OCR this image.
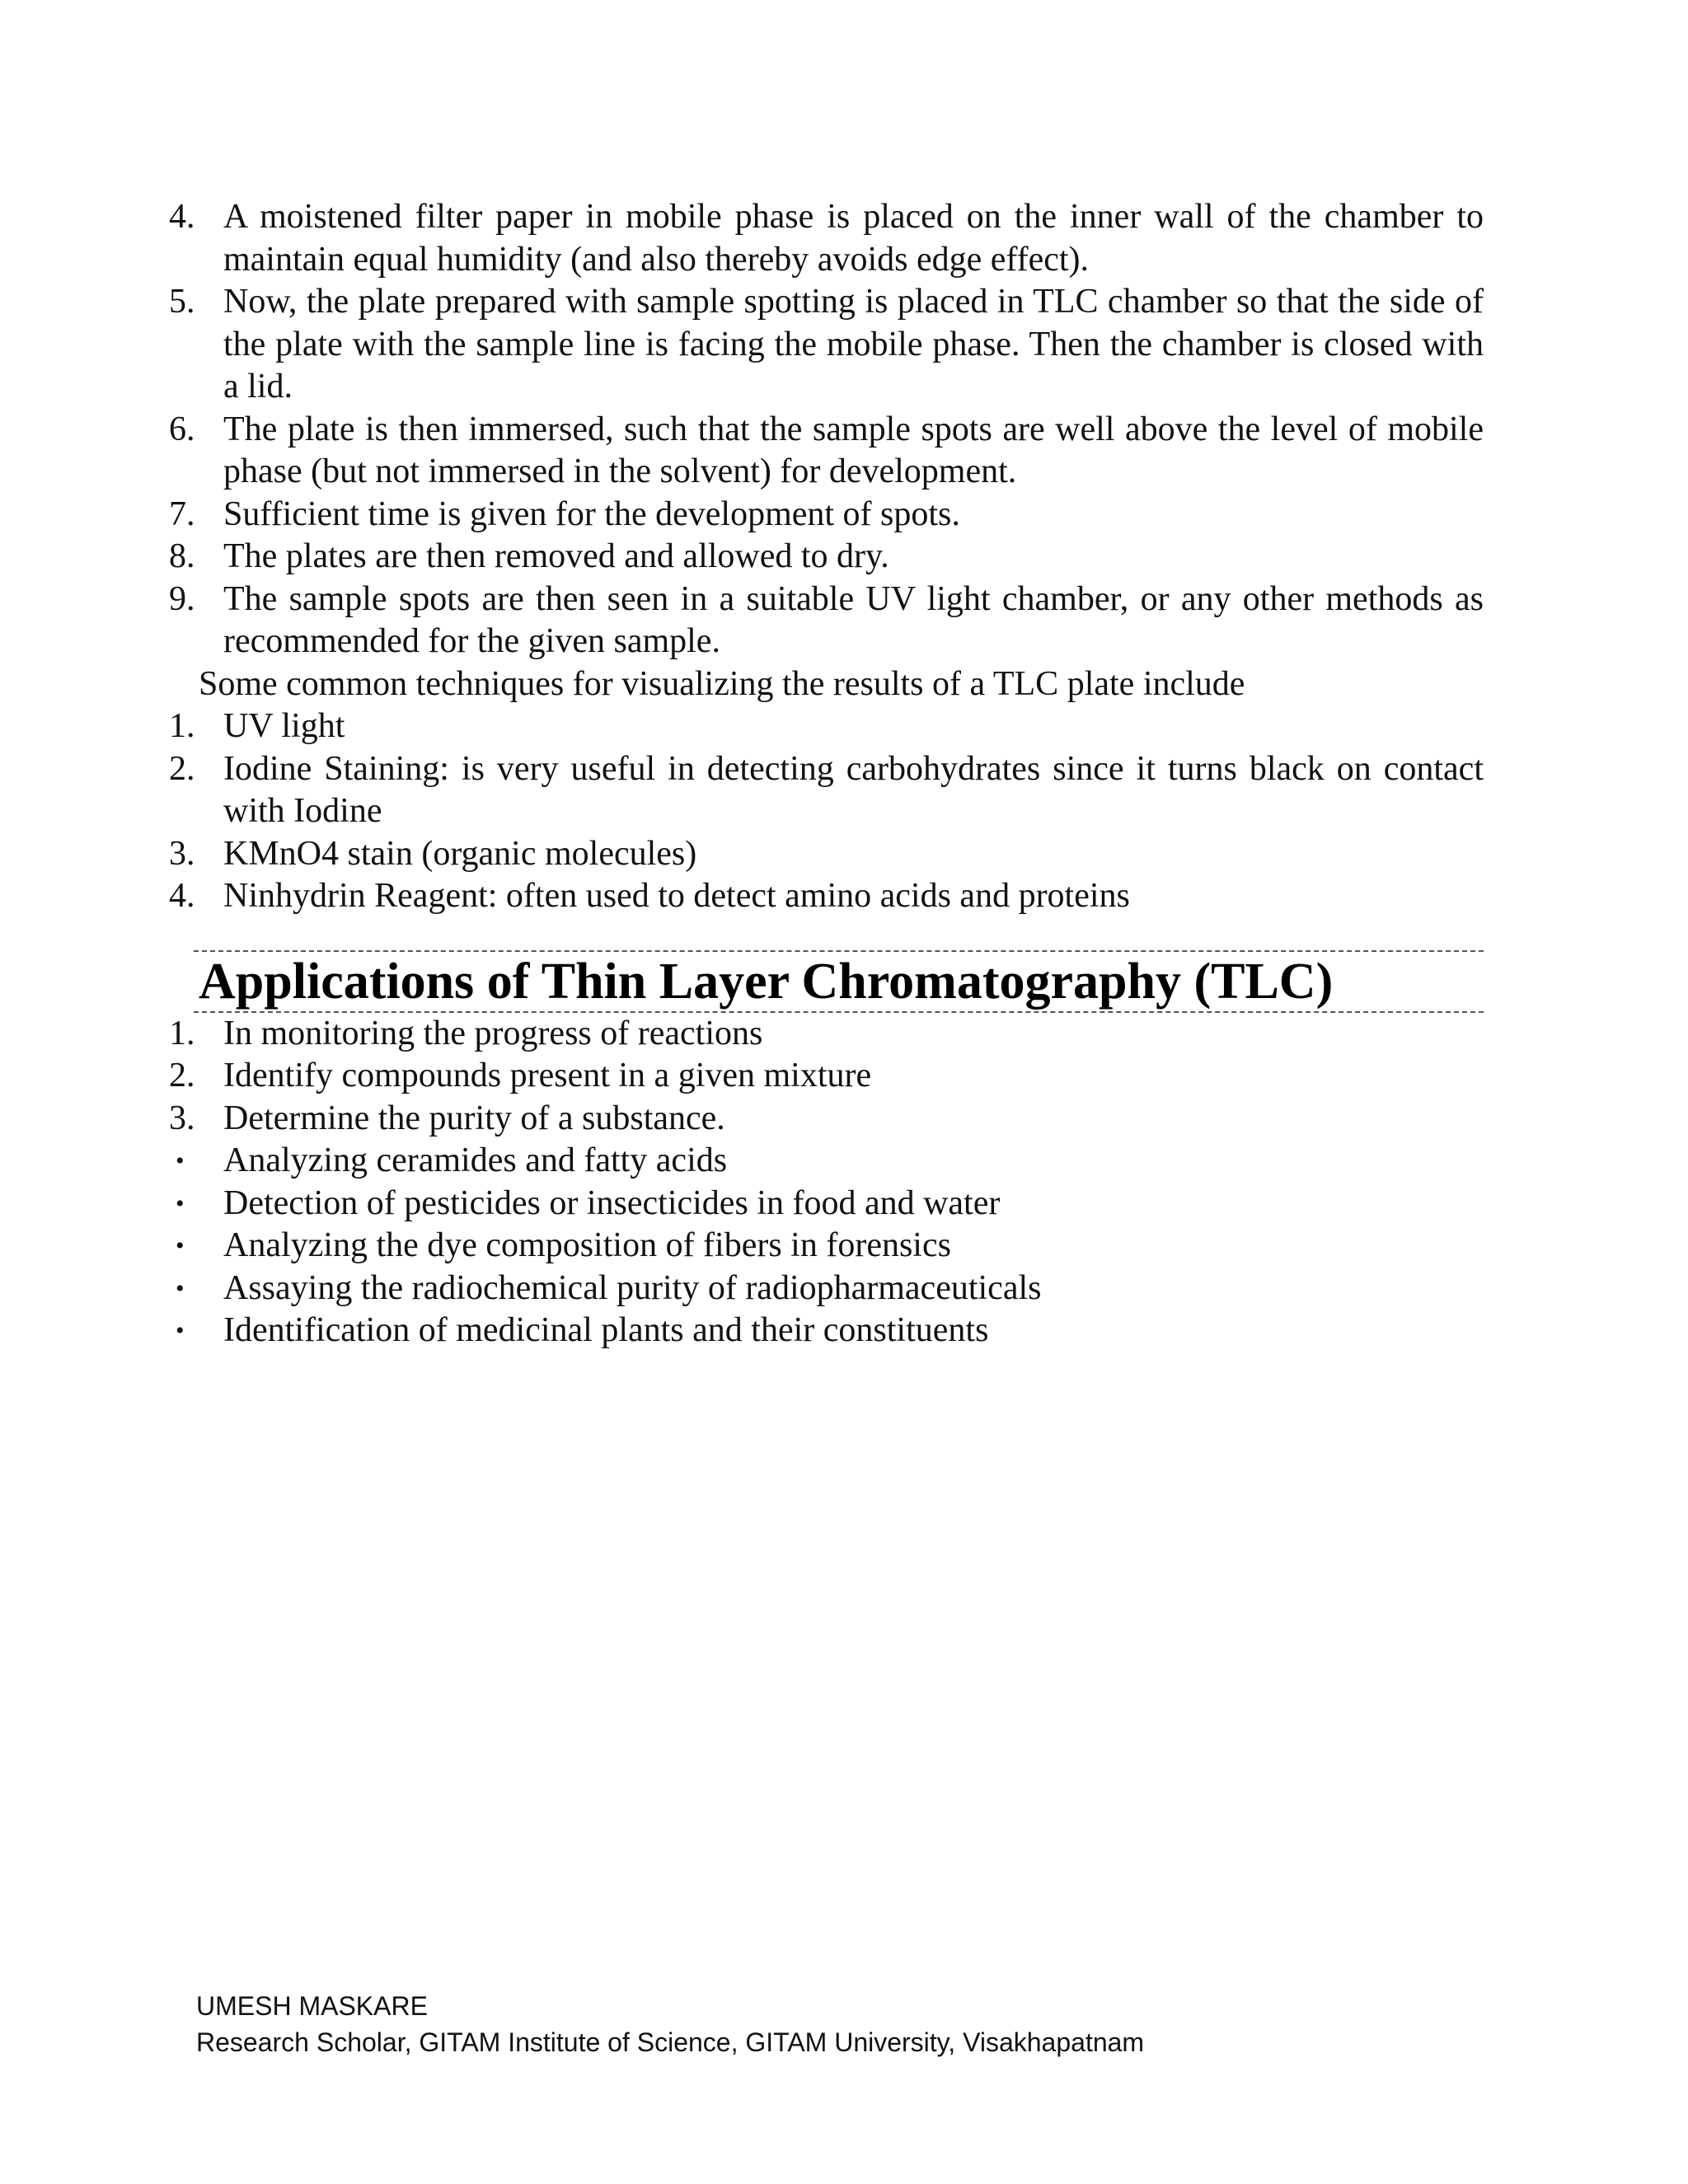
4. A moistened filter paper in mobile phase is placed on the inner wall of the chamber to maintain equal humidity (and also thereby avoids edge effect).
5. Now, the plate prepared with sample spotting is placed in TLC chamber so that the side of the plate with the sample line is facing the mobile phase. Then the chamber is closed with a lid.
6. The plate is then immersed, such that the sample spots are well above the level of mobile phase (but not immersed in the solvent) for development.
7. Sufficient time is given for the development of spots.
8. The plates are then removed and allowed to dry.
9. The sample spots are then seen in a suitable UV light chamber, or any other methods as recommended for the given sample.

Some common techniques for visualizing the results of a TLC plate include

1. UV light
2. Iodine Staining: is very useful in detecting carbohydrates since it turns black on contact with Iodine
3. KMnO4 stain (organic molecules)
4. Ninhydrin Reagent: often used to detect amino acids and proteins
Applications of Thin Layer Chromatography (TLC)
1. In monitoring the progress of reactions
2. Identify compounds present in a given mixture
3. Determine the purity of a substance.
•	Analyzing ceramides and fatty acids
•	Detection of pesticides or insecticides in food and water
•	Analyzing the dye composition of fibers in forensics
•	Assaying the radiochemical purity of radiopharmaceuticals
•	Identification of medicinal plants and their constituents
UMESH MASKARE
Research Scholar, GITAM Institute of Science, GITAM University, Visakhapatnam
